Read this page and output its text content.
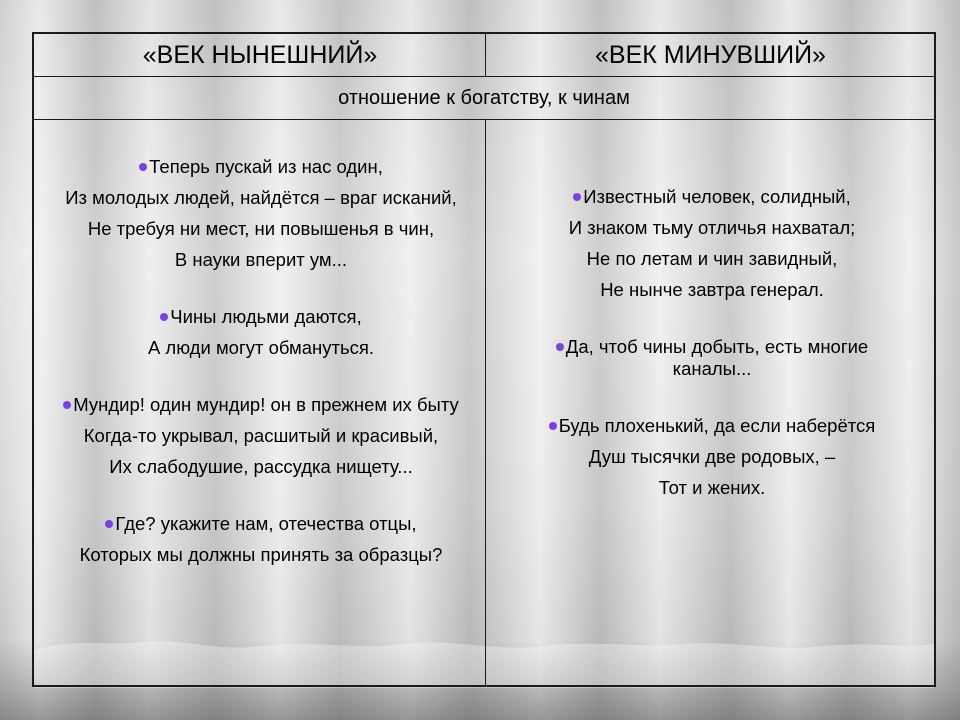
«ВЕК НЫНЕШНИЙ»	«ВЕК МИНУВШИЙ»
отношение к богатству, к чинам
Теперь пускай из нас один,
Из молодых людей, найдётся – враг исканий,
Не требуя ни мест, ни повышенья в чин,
В науки вперит ум...
Чины людьми даются,
А люди могут обмануться.
Мундир! один мундир! он в прежнем их быту
Когда-то укрывал, расшитый и красивый,
Их слабодушие, рассудка нищету...
Где? укажите нам, отечества отцы,
Которых мы должны принять за образцы?
Известный человек, солидный,
И знаком тьму отличья нахватал;
Не по летам и чин завидный,
Не нынче завтра генерал.
Да, чтоб чины добыть, есть многие каналы...
Будь плохенький, да если наберётся
Душ тысячки две родовых, –
Тот и жених.
